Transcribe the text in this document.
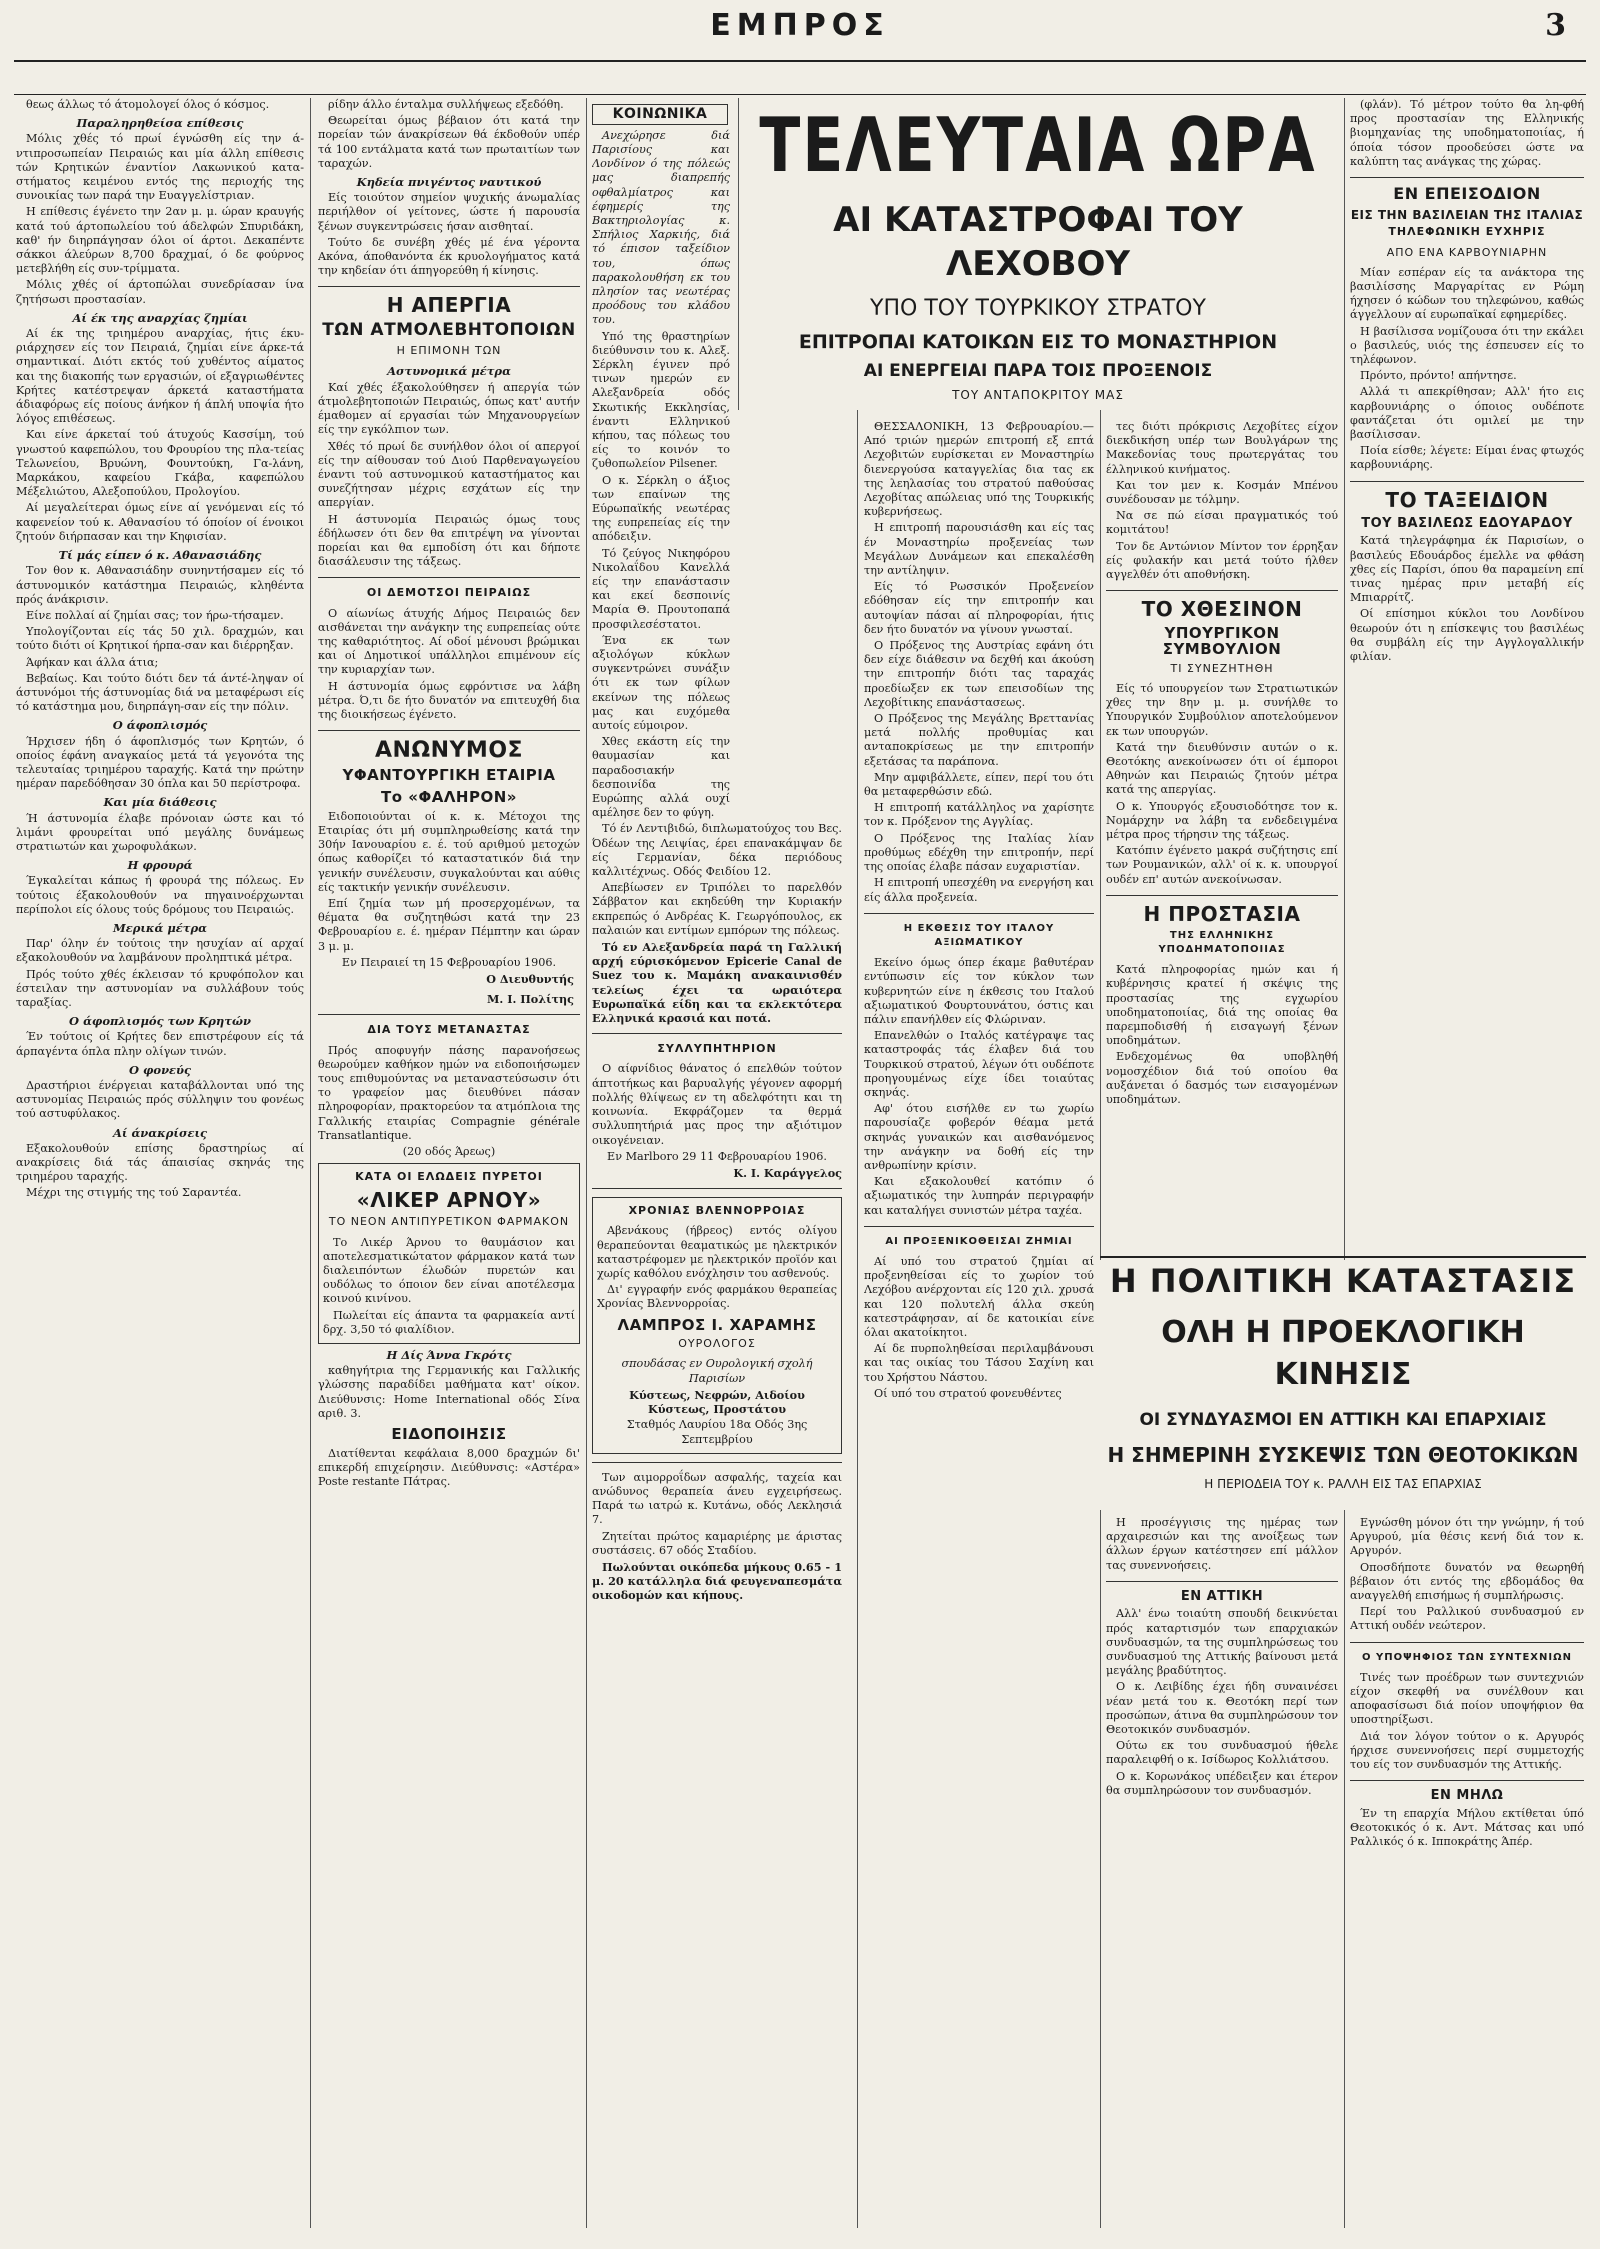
ΕΜΠΡΟΣ	3

θεως άλλως τό άτομολογεί όλος ό κόσμος.

Παραληρηθείσα επίθεσις

Μόλις χθές τό πρωί έγνώσθη είς την ά-ντιπροσωπείαν Πειραιώς και μία άλλη επίθεσις τών Κρητικών έναντίον Λακωνικού κατα-στήματος κειμένου εντός της περιοχής της συνοικίας των παρά την Ευαγγελίστριαν.

Η επίθεσις έγένετο την 2αν μ. μ. ώραν κραυγής κατά τού άρτοπωλείου τού άδελφών Σπυριδάκη, καθ' ήν διηρπάγησαν όλοι οί άρτοι. Δεκαπέντε σάκκοι άλεύρων 8,700 δραχμαί, ό δε φούρνος μετεβλήθη είς συν-τρίμματα.

Μόλις χθές οί άρτοπώλαι συνεδρίασαν ίνα ζητήσωσι προστασίαν.

Αί έκ της αναρχίας ζημίαι

Αί έκ της τριημέρου αναρχίας, ήτις έκυ-ριάρχησεν είς τον Πειραιά, ζημίαι είνε άρκε-τά σημαντικαί. Διότι εκτός τού χυθέντος αίματος και της διακοπής των εργασιών, οί εξαγριωθέντες Κρήτες κατέστρεψαν άρκετά καταστήματα άδιαφόρως είς ποίους άνήκον ή άπλή υποψία ήτο λόγος επιθέσεως.

Και είνε άρκεταί τού άτυχούς Κασσίμη, τού γνωστού καφεπώλου, του Φρουρίου της πλα-τείας Τελωνείου, Βρυώνη, Φουντούκη, Γα-λάνη, Μαρκάκου, καφείου Γκάβα, καφεπώλου Μέξελιώτου, Αλεξοπούλου, Προλογίου.

Αί μεγαλείτεραι όμως είνε αί γενόμεναι είς τό καφενείον τού κ. Αθανασίου τό όποίον οί ένοικοι ζητούν διήρπασαν και την Κηφισίαν.

Τί μάς είπεν ό κ. Αθανασιάδης

Τον θον κ. Αθανασιάδην συνηντήσαμεν είς τό άστυνομικόν κατάστημα Πειραιώς, κληθέντα πρός άνάκρισιν.

Είνε πολλαί αί ζημίαι σας; τον ήρω-τήσαμεν.

Υπολογίζονται είς τάς 50 χιλ. δραχμών, και τούτο διότι οί Κρητικοί ήρπα-σαν και διέρρηξαν.

Άφήκαν και άλλα άτια;

Βεβαίως. Και τούτο διότι δεν τά άντέ-ληψαν οί άστυνόμοι τής άστυνομίας διά να μεταφέρωσι είς τό κατάστημα μου, διηρπάγη-σαν είς την πόλιν.

Ο άφοπλισμός

Ήρχισεν ήδη ό άφοπλισμός των Κρητών, ό οποίος έφάνη αναγκαίος μετά τά γεγονότα της τελευταίας τριημέρου ταραχής. Κατά την πρώτην ημέραν παρεδόθησαν 30 όπλα και 50 περίστροφα.

Και μία διάθεσις

Ή άστυνομία έλαβε πρόνοιαν ώστε και τό λιμάνι φρουρείται υπό μεγάλης δυνάμεως στρατιωτών και χωροφυλάκων.

Η φρουρά

Έγκαλείται κάπως ή φρουρά της πόλεως. Εν τούτοις έξακολουθούν να πηγαινοέρχωνται περίπολοι είς όλους τούς δρόμους του Πειραιώς.

Μερικά μέτρα

Παρ' όλην έν τούτοις την ησυχίαν αί αρχαί εξακολουθούν να λαμβάνουν προληπτικά μέτρα.

Πρός τούτο χθές έκλεισαν τό κρυφόπολον και έστειλαν την αστυνομίαν να συλλάβουν τούς ταραξίας.

Ο άφοπλισμός των Κρητών

Έν τούτοις οί Κρήτες δεν επιστρέφουν είς τά άρπαγέντα όπλα πλην ολίγων τινών.

Ο φονεύς

Δραστήριοι ένέργειαι καταβάλλονται υπό της αστυνομίας Πειραιώς πρός σύλληψιν του φονέως τού αστυφύλακος.

Αί άνακρίσεις

Εξακολουθούν επίσης δραστηρίως αί ανακρίσεις διά τάς άπαισίας σκηνάς της τριημέρου ταραχής.

Μέχρι της στιγμής της τού Σαραντέα.

ρίδην άλλο ένταλμα συλλήψεως εξεδόθη.

Θεωρείται όμως βέβαιον ότι κατά την πορείαν τών άνακρίσεων θά έκδοθούν υπέρ τά 100 εντάλματα κατά των πρωταιτίων των ταραχών.

Κηδεία πνιγέντος ναυτικού

Είς τοιούτον σημείον ψυχικής άνωμαλίας περιήλθον οί γείτονες, ώστε ή παρουσία ξένων συγκεντρώσεις ήσαν αισθηταί.

Τούτο δε συνέβη χθές μέ ένα γέροντα Ακόνα, άποθανόντα έκ κρυολογήματος κατά την κηδείαν ότι άπηγορεύθη ή κίνησις.

Η ΑΠΕΡΓΙΑ
ΤΩΝ ΑΤΜΟΛΕΒΗΤΟΠΟΙΩΝ
Η ΕΠΙΜΟΝΗ ΤΩΝ
Αστυνομικά μέτρα

Καί χθές έξακολούθησεν ή απεργία τών άτμολεβητοποιών Πειραιώς, όπως κατ' αυτήν έμαθομεν αί εργασίαι τών Μηχανουργείων είς την εγκόλπιον των.

Χθές τό πρωί δε συνήλθον όλοι οί απεργοί είς την αίθουσαν τού Διού Παρθεναγωγείου έναντι τού αστυνομικού καταστήματος και συνεζήτησαν μέχρις εσχάτων είς την απεργίαν.

Η άστυνομία Πειραιώς όμως τους έδήλωσεν ότι δεν θα επιτρέψη να γίνονται πορείαι και θα εμποδίση ότι και δήποτε διασάλευσιν της τάξεως.

ΟΙ ΔΕΜΟΤΣΟΙ ΠΕΙΡΑΙΩΣ

Ο αίωνίως άτυχής Δήμος Πειραιώς δεν αισθάνεται την ανάγκην της ευπρεπείας ούτε της καθαριότητος. Αί οδοί μένουσι βρώμικαι και οί Δημοτικοί υπάλληλοι επιμένουν είς την κυριαρχίαν των.

Η άστυνομία όμως εφρόντισε να λάβη μέτρα. Ό,τι δε ήτο δυνατόν να επιτευχθή δια της διοικήσεως έγένετο.

ΑΝΩΝΥΜΟΣ
ΥΦΑΝΤΟΥΡΓΙΚΗ ΕΤΑΙΡΙΑ
Το «ΦΑΛΗΡΟΝ»

Ειδοποιούνται οί κ. κ. Μέτοχοι της Εταιρίας ότι μή συμπληρωθείσης κατά την 30ήν Ιανουαρίου ε. έ. τού αριθμού μετοχών όπως καθορίζει τό καταστατικόν διά την γενικήν συνέλευσιν, συγκαλούνται και αύθις είς τακτικήν γενικήν συνέλευσιν.

Επί ζημία των μή προσερχομένων, τα θέματα θα συζητηθώσι κατά την 23 Φεβρουαρίου ε. έ. ημέραν Πέμπτην και ώραν 3 μ. μ.

Εν Πειραιεί τη 15 Φεβρουαρίου 1906.

Ο Διευθυντής
Μ. Ι. Πολίτης
ΔΙΑ ΤΟΥΣ ΜΕΤΑΝΑΣΤΑΣ

Πρός αποφυγήν πάσης παρανοήσεως θεωρούμεν καθήκον ημών να ειδοποιήσωμεν τους επιθυμούντας να μεταναστεύσωσιν ότι το γραφείον μας διευθύνει πάσαν πληροφορίαν, πρακτορεύον τα ατμόπλοια της Γαλλικής εταιρίας Compagnie générale Transatlantique.

(20 οδός Άρεως)

ΚΑΤΑ ΟΙ ΕΛΩΔΕΙΣ ΠΥΡΕΤΟΙ
«ΛΙΚΕΡ ΑΡΝΟΥ»
ΤΟ ΝΕΟΝ ΑΝΤΙΠΥΡΕΤΙΚΟΝ ΦΑΡΜΑΚΟΝ

Το Λικέρ Άρνου το θαυμάσιον και αποτελεσματικώτατον φάρμακον κατά των διαλειπόντων έλωδών πυρετών και ουδόλως το όποιον δεν είναι αποτέλεσμα κοινού κινίνου.

Πωλείται είς άπαντα τα φαρμακεία αντί δρχ. 3,50 τό φιαλίδιον.

Η Δίς Άννα Γκρότς

καθηγήτρια της Γερμανικής και Γαλλικής γλώσσης παραδίδει μαθήματα κατ' οίκον. Διεύθυνσις: Home International οδός Σίνα αριθ. 3.

ΕΙΔΟΠΟΙΗΣΙΣ

Διατίθενται κεφάλαια 8,000 δραχμών δι' επικερδή επιχείρησιν. Διεύθυνσις: «Αστέρα» Poste restante Πάτρας.

ΚΟΙΝΩΝΙΚΑ

Ανεχώρησε διά Παρισίους και Λονδίνον ό της πόλεώς μας διαπρεπής οφθαλμίατρος και έφημερίς της Βακτηριολογίας κ. Σπήλιος Χαρκιής, διά τό έπισον ταξείδιον του, όπως παρακολουθήση εκ του πλησίον τας νεωτέρας προόδους του κλάδου του.

Υπό της θραστηρίων διεύθυνσιν του κ. Αλεξ. Σέρκλη έγινεν πρό τινων ημερών εν Αλεξανδρεία οδός Σκωτικής Εκκλησίας, έναντι Ελληνικού κήπου, τας πόλεως του είς το κοινόν το ζυθοπωλείον Pilsener.

Ο κ. Σέρκλη ο άξιος των επαίνων της Εύρωπαϊκής νεωτέρας της ευπρεπείας είς την απόδειξιν.

Τό ζεύγος Νικηφόρου Νικολαΐδου Κανελλά είς την επανάστασιν και εκεί δεσποινίς Μαρία Θ. Προυτοπαπά προσφιλεσέστατοι.

Ένα εκ των αξιολόγων κύκλων συγκεντρώνει συνάξιν ότι εκ των φίλων εκείνων της πόλεως μας και ευχόμεθα αυτοίς εύμοιρον.

Χθες εκάστη είς την θαυμασίαν και παραδοσιακήν δεσποινίδα της Ευρώπης αλλά ουχί αμέλησε δεν το φύγη.

Τό έν Λεντιβιδώ, διπλωματούχος του Βες. Όδέων της Λειψίας, έρει επανακάμψαν δε είς Γερμανίαν, δέκα περιόδους καλλιτέχνως. Οδός Φειδίου 12.

Απεβίωσεν εν Τριπόλει το παρελθόν Σάββατον και εκηδεύθη την Κυριακήν εκπρεπώς ό Ανδρέας Κ. Γεωργόπουλος, εκ παλαιών και εντίμων εμπόρων της πόλεως.

Τό εν Αλεξανδρεία παρά τη Γαλλική αρχή εύρισκόμενον Epicerie Canal de Suez του κ. Μαμάκη ανακαινισθέν τελείως έχει τα ωραιότερα Ευρωπαϊκά είδη και τα εκλεκτότερα Ελληνικά κρασιά και ποτά.

ΣΥΛΛΥΠΗΤΗΡΙΟΝ

Ο αίφνίδιος θάνατος ό επελθών τούτον άπτοτήκως και βαρυαλγής γέγονεν αφορμή πολλής θλίψεως εν τη αδελφότητι και τη κοινωνία. Εκφράζομεν τα θερμά συλλυπητήριά μας προς την αξιότιμον οικογένειαν.

Εν Marlboro 29 11 Φεβρουαρίου 1906.

Κ. Ι. Καράγγελος
ΧΡΟΝΙΑΣ ΒΛΕΝΝΟΡΡΟΙΑΣ

Αβενάκους (ήβρεος) εντός ολίγου θεραπεύονται θεαματικώς με ηλεκτρικόν καταστρέφομεν με ηλεκτρικόν προϊόν και χωρίς καθόλου ενόχλησιν του ασθενούς.

Δι' εγγραφήν ενός φαρμάκου θεραπείας Χρονίας Βλεννορροίας.

ΛΑΜΠΡΟΣ Ι. ΧΑΡΑΜΗΣ
ΟΥΡΟΛΟΓΟΣ

σπουδάσας εν Ουρολογική σχολή Παρισίων

Κύστεως, Νεφρών, Αιδοίου Κύστεως, Προστάτου

Σταθμός Λαυρίου 18α Οδός 3ης Σεπτεμβρίου

Των αιμορροΐδων ασφαλής, ταχεία και ανώδυνος θεραπεία άνευ εγχειρήσεως. Παρά τω ιατρώ κ. Κυτάνω, οδός Λεκλησιά 7.

Ζητείται πρώτος καμαριέρης με άριστας συστάσεις. 67 οδός Σταδίου.

Πωλούνται οικόπεδα μήκους 0.65 - 1 μ. 20 κατάλληλα διά φευγεναπεσμάτα οικοδομών και κήπους.

ΤΕΛΕΥΤΑΙΑ ΩΡΑ
ΑΙ ΚΑΤΑΣΤΡΟΦΑΙ ΤΟΥ ΛΕΧΟΒΟΥ
ΥΠΟ ΤΟΥ ΤΟΥΡΚΙΚΟΥ ΣΤΡΑΤΟΥ
ΕΠΙΤΡΟΠΑΙ ΚΑΤΟΙΚΩΝ ΕΙΣ ΤΟ ΜΟΝΑΣΤΗΡΙΟΝ
ΑΙ ΕΝΕΡΓΕΙΑΙ ΠΑΡΑ ΤΟΙΣ ΠΡΟΞΕΝΟΙΣ
ΤΟΥ ΑΝΤΑΠΟΚΡΙΤΟΥ ΜΑΣ

ΘΕΣΣΑΛΟΝΙΚΗ, 13 Φεβρουαρίου.— Από τριών ημερών επιτροπή εξ επτά Λεχοβιτών ευρίσκεται εν Μοναστηρίω διενεργούσα καταγγελίας δια τας εκ της λεηλασίας του στρατού παθούσας Λεχοβίτας απώλειας υπό της Τουρκικής κυβερνήσεως.

Η επιτροπή παρουσιάσθη και είς τας έν Μοναστηρίω προξενείας των Μεγάλων Δυνάμεων και επεκαλέσθη την αντίληψιν.

Είς τό Ρωσσικόν Προξενείον εδόθησαν είς την επιτροπήν και αυτοψίαν πάσαι αί πληροφορίαι, ήτις δεν ήτο δυνατόν να γίνουν γνωσταί.

Ο Πρόξενος της Αυστρίας εφάνη ότι δεν είχε διάθεσιν να δεχθή και άκούση την επιτροπήν διότι τας ταραχάς προεδίωξεν εκ των επεισοδίων της Λεχοβίτικης επανάστασεως.

Ο Πρόξενος της Μεγάλης Βρεττανίας μετά πολλής προθυμίας και ανταποκρίσεως με την επιτροπήν εξετάσας τα παράπονα.

Μην αμφιβάλλετε, είπεν, περί του ότι θα μεταφερθώσιν εδώ.

Η επιτροπή κατάλληλος να χαρίσητε τον κ. Πρόξενον της Αγγλίας.

Ο Πρόξενος της Ιταλίας λίαν προθύμως εδέχθη την επιτροπήν, περί της οποίας έλαβε πάσαν ευχαριστίαν.

Η επιτροπή υπεσχέθη να ενεργήση και είς άλλα προξενεία.

Η ΕΚΘΕΣΙΣ ΤΟΥ ΙΤΑΛΟΥ ΑΞΙΩΜΑΤΙΚΟΥ

Εκείνο όμως όπερ έκαμε βαθυτέραν εντύπωσιν είς τον κύκλον των κυβερνητών είνε η έκθεσις του Ιταλού αξιωματικού Φουρτουνάτου, όστις και πάλιν επανήλθεν είς Φλώριναν.

Επανελθών ο Ιταλός κατέγραψε τας καταστροφάς τάς έλαβεν διά του Τουρκικού στρατού, λέγων ότι ουδέποτε προηγουμένως είχε ίδει τοιαύτας σκηνάς.

Αφ' ότου εισήλθε εν τω χωρίω παρουσίαζε φοβερόν θέαμα μετά σκηνάς γυναικών και αισθανόμενος την ανάγκην να δοθή είς την ανθρωπίνην κρίσιν.

Και εξακολουθεί κατόπιν ό αξιωματικός την λυπηράν περιγραφήν και καταλήγει συνιστών μέτρα ταχέα.

ΑΙ ΠΡΟΞΕΝΙΚΟΘΕΙΣΑΙ ΖΗΜΙΑΙ

Αί υπό του στρατού ζημίαι αί προξενηθείσαι είς το χωρίον τού Λεχόβου ανέρχονται είς 120 χιλ. χρυσά και 120 πολυτελή άλλα σκεύη κατεστράφησαν, αί δε κατοικίαι είνε όλαι ακατοίκητοι.

Αί δε πυρποληθείσαι περιλαμβάνουσι και τας οικίας του Τάσου Σαχίνη και του Χρήστου Νάστου.

Οί υπό του στρατού φονευθέντες

τες διότι πρόκρισις Λεχοβίτες είχον διεκδικήση υπέρ των Βουλγάρων της Μακεδονίας τους πρωτεργάτας του έλληνικού κινήματος.

Και τον μεν κ. Κοσμάν Μπένου συνέδουσαν με τόλμην.

Να σε πώ είσαι πραγματικός τού κομιτάτου!

Τον δε Αντώνιον Μίντον τον έρρηξαν είς φυλακήν και μετά τούτο ήλθεν αγγελθέν ότι αποθνήσκη.

ΤΟ ΧΘΕΣΙΝΟΝ
ΥΠΟΥΡΓΙΚΟΝ ΣΥΜΒΟΥΛΙΟΝ
ΤΙ ΣΥΝΕΖΗΤΗΘΗ

Είς τό υπουργείον των Στρατιωτικών χθες την 8ην μ. μ. συνήλθε το Υπουργικόν Συμβούλιον αποτελούμενον εκ των υπουργών.

Κατά την διευθύνσιν αυτών ο κ. Θεοτόκης ανεκοίνωσεν ότι οί έμποροι Αθηνών και Πειραιώς ζητούν μέτρα κατά της απεργίας.

Ο κ. Υπουργός εξουσιοδότησε τον κ. Νομάρχην να λάβη τα ενδεδειγμένα μέτρα προς τήρησιν της τάξεως.

Κατόπιν έγένετο μακρά συζήτησις επί των Ρουμανικών, αλλ' οί κ. κ. υπουργοί ουδέν επ' αυτών ανεκοίνωσαν.

Η ΠΡΟΣΤΑΣΙΑ
ΤΗΣ ΕΛΛΗΝΙΚΗΣ ΥΠΟΔΗΜΑΤΟΠΟΙΙΑΣ

Κατά πληροφορίας ημών και ή κυβέρνησις κρατεί ή σκέψις της προστασίας της εγχωρίου υποδηματοποιίας, διά της οποίας θα παρεμποδισθή ή εισαγωγή ξένων υποδημάτων.

Ενδεχομένως θα υποβληθή νομοσχέδιον διά τού οποίου θα αυξάνεται ό δασμός των εισαγομένων υποδημάτων.

(φλάν). Τό μέτρον τούτο θα λη-φθή προς προστασίαν της Ελληνικής βιομηχανίας της υποδηματοποιίας, ή όποία τόσον προοδεύσει ώστε να καλύπτη τας ανάγκας της χώρας.

ΕΝ ΕΠΕΙΣΟΔΙΟΝ
ΕΙΣ ΤΗΝ ΒΑΣΙΛΕΙΑΝ ΤΗΣ ΙΤΑΛΙΑΣ
ΤΗΛΕΦΩΝΙΚΗ ΕΥΧΗΡΙΣ
ΑΠΟ ΕΝΑ ΚΑΡΒΟΥΝΙΑΡΗΝ

Μίαν εσπέραν είς τα ανάκτορα της βασιλίσσης Μαργαρίτας εν Ρώμη ήχησεν ό κώδων του τηλεφώνου, καθώς άγγελλουν αί ευρωπαϊκαί εφημερίδες.

Η βασίλισσα νομίζουσα ότι την εκάλει ο βασιλεύς, υιός της έσπευσεν είς το τηλέφωνον.

Πρόντο, πρόντο! απήντησε.

Αλλά τι απεκρίθησαν; Αλλ' ήτο εις καρβουνιάρης ο όποιος ουδέποτε φαντάζεται ότι ομιλεί με την βασίλισσαν.

Ποία είσθε; λέγετε: Είμαι ένας φτωχός καρβουνιάρης.

ΤΟ ΤΑΞΕΙΔΙΟΝ
ΤΟΥ ΒΑΣΙΛΕΩΣ ΕΔΟΥΑΡΔΟΥ

Κατά τηλεγράφημα έκ Παρισίων, ο βασιλεύς Εδουάρδος έμελλε να φθάση χθες είς Παρίσι, όπου θα παραμείνη επί τινας ημέρας πριν μεταβή είς Μπιαρρίτζ.

Οί επίσημοι κύκλοι του Λονδίνου θεωρούν ότι η επίσκεψις του βασιλέως θα συμβάλη είς την Αγγλογαλλικήν φιλίαν.

Η ΠΟΛΙΤΙΚΗ ΚΑΤΑΣΤΑΣΙΣ
ΟΛΗ Η ΠΡΟΕΚΛΟΓΙΚΗ ΚΙΝΗΣΙΣ
ΟΙ ΣΥΝΔΥΑΣΜΟΙ ΕΝ ΑΤΤΙΚΗ ΚΑΙ ΕΠΑΡΧΙΑΙΣ
Η ΣΗΜΕΡΙΝΗ ΣΥΣΚΕΨΙΣ ΤΩΝ ΘΕΟΤΟΚΙΚΩΝ
Η ΠΕΡΙΟΔΕΙΑ ΤΟΥ κ. ΡΑΛΛΗ ΕΙΣ ΤΑΣ ΕΠΑΡΧΙΑΣ

Η προσέγγισις της ημέρας των αρχαιρεσιών και της ανοίξεως των άλλων έργων κατέστησεν επί μάλλον τας συνεννοήσεις.

ΕΝ ΑΤΤΙΚΗ

Αλλ' ένω τοιαύτη σπουδή δεικνύεται πρός καταρτισμόν των επαρχιακών συνδυασμών, τα της συμπληρώσεως του συνδυασμού της Αττικής βαίνουσι μετά μεγάλης βραδύτητος.

Ο κ. Λειβίδης έχει ήδη συναινέσει νέαν μετά του κ. Θεοτόκη περί των προσώπων, άτινα θα συμπληρώσουν τον Θεοτοκικόν συνδυασμόν.

Ούτω εκ του συνδυασμού ήθελε παραλειφθή ο κ. Ισίδωρος Κολλιάτσου.

Ο κ. Κορωνάκος υπέδειξεν και έτερον θα συμπληρώσουν τον συνδυασμόν.

Εγνώσθη μόνον ότι την γνώμην, ή τού Αργυρού, μία θέσις κενή διά τον κ. Αργυρόν.

Οποσδήποτε δυνατόν να θεωρηθή βέβαιον ότι εντός της εβδομάδος θα αναγγελθή επισήμως ή συμπλήρωσις.

Περί του Ραλλικού συνδυασμού εν Αττική ουδέν νεώτερον.

Ο ΥΠΟΨΗΦΙΟΣ ΤΩΝ ΣΥΝΤΕΧΝΙΩΝ

Τινές των προέδρων των συντεχνιών είχον σκεφθή να συνέλθουν και αποφασίσωσι διά ποίον υποψήφιον θα υποστηρίξωσι.

Διά τον λόγον τούτον ο κ. Αργυρός ήρχισε συνεννοήσεις περί συμμετοχής του είς τον συνδυασμόν της Αττικής.

ΕΝ ΜΗΛΩ

Έν τη επαρχία Μήλου εκτίθεται ύπό Θεοτοκικός ό κ. Αντ. Μάτσας και υπό Ραλλικός ό κ. Ιπποκράτης Άπέρ.
